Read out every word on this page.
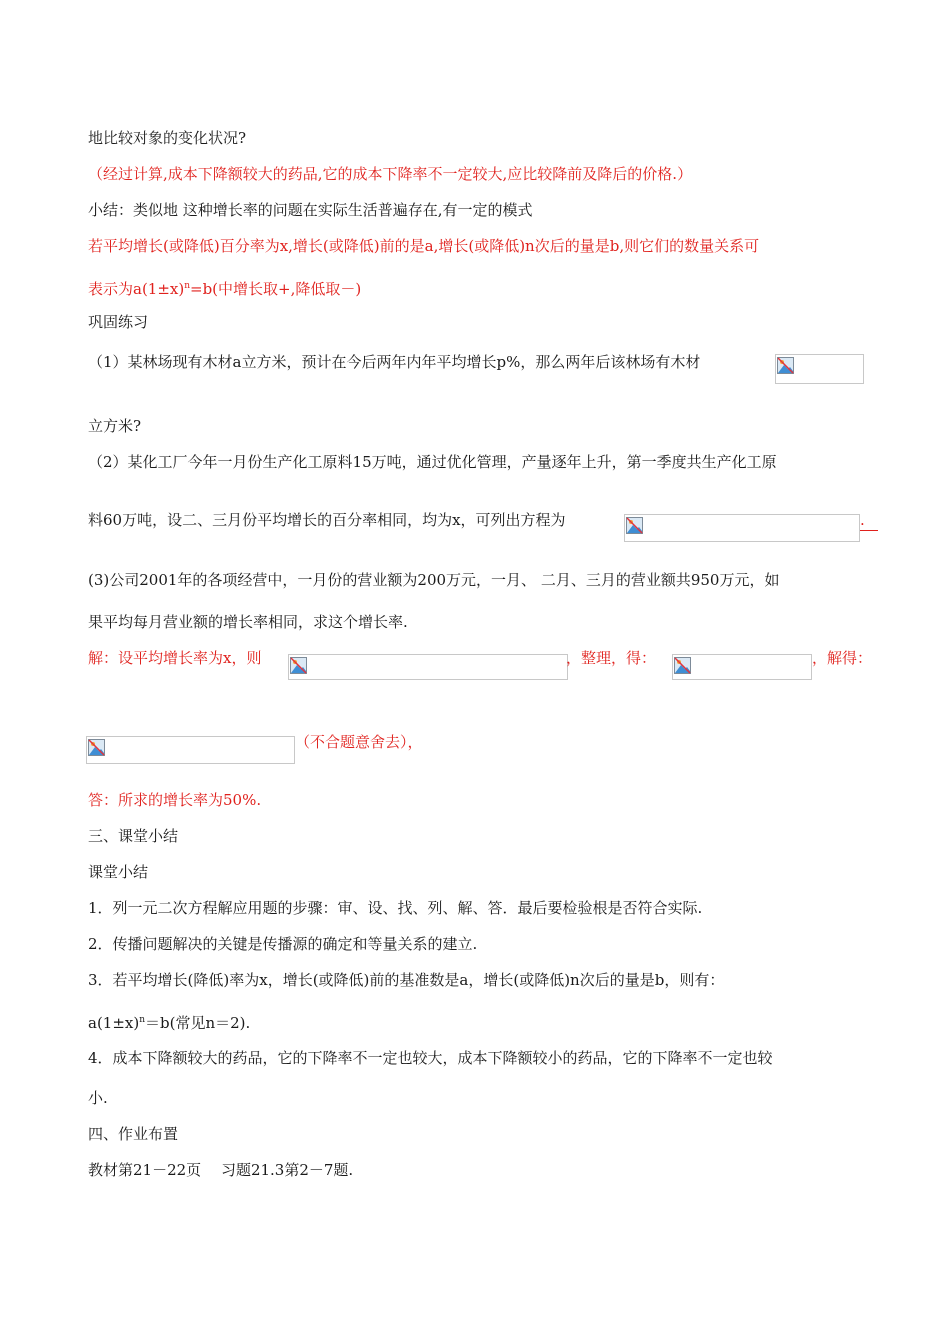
地比较对象的变化状况?
（经过计算,成本下降额较大的药品,它的成本下降率不一定较大,应比较降前及降后的价格.）
小结：类似地 这种增长率的问题在实际生活普遍存在,有一定的模式
若平均增长(或降低)百分率为x,增长(或降低)前的是a,增长(或降低)n次后的量是b,则它们的数量关系可
表示为$a(1\pm x)^n=b$(中增长取+,降低取－)
巩固练习
（1）某林场现有木材a立方米，预计在今后两年内年平均增长p%，那么两年后该林场有木材
立方米?
（2）某化工厂今年一月份生产化工原料15万吨，通过优化管理，产量逐年上升，第一季度共生产化工原
料60万吨，设二、三月份平均增长的百分率相同，均为x，可列出方程为	.
(3)公司2001年的各项经营中，一月份的营业额为200万元，一月、 二月、三月的营业额共950万元，如
果平均每月营业额的增长率相同，求这个增长率.
解：设平均增长率为x，则	，整理，得：	，解得：
（不合题意舍去），
答：所求的增长率为50%.
三、课堂小结
课堂小结
1．列一元二次方程解应用题的步骤：审、设、找、列、解、答．最后要检验根是否符合实际.
2．传播问题解决的关键是传播源的确定和等量关系的建立.
3．若平均增长(降低)率为x，增长(或降低)前的基准数是a，增长(或降低)n次后的量是b，则有：
$a(1\pm x)^n=b$(常见n＝2).
4．成本下降额较大的药品，它的下降率不一定也较大，成本下降额较小的药品，它的下降率不一定也较
小.
四、作业布置
教材第21－22页　 习题21.3第2－7题.
